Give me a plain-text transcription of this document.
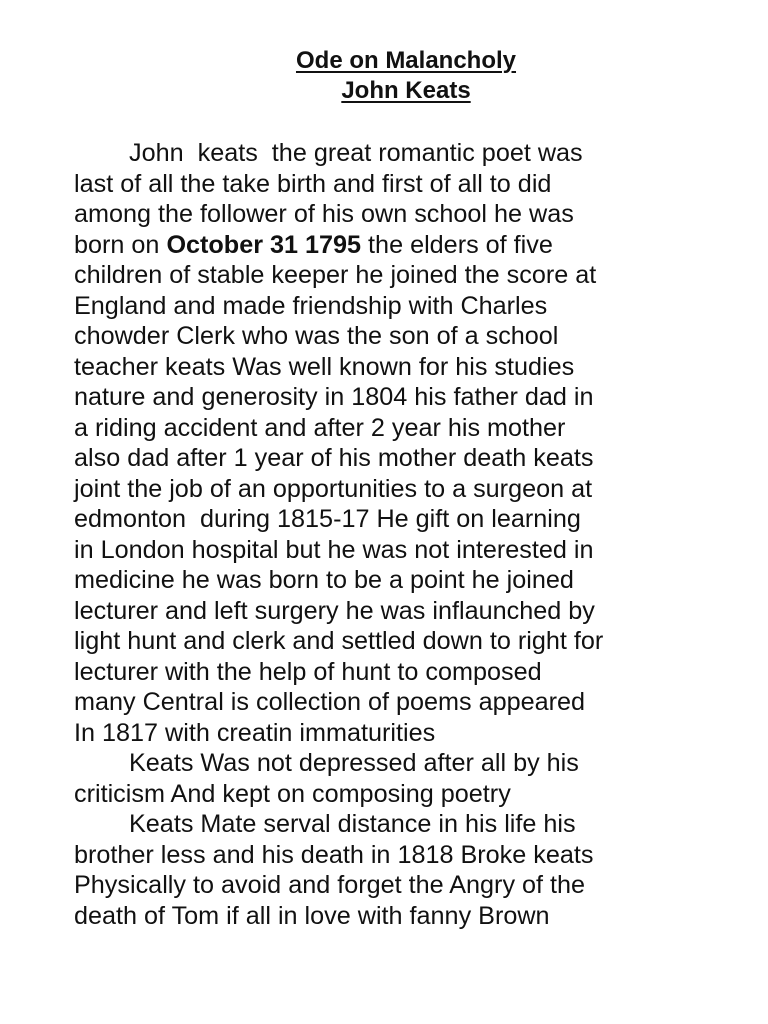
Ode on Malancholy
John Keats
John  keats  the great romantic poet was
last of all the take birth and first of all to did
among the follower of his own school he was
born on October 31 1795 the elders of five
children of stable keeper he joined the score at
England and made friendship with Charles
chowder Clerk who was the son of a school
teacher keats Was well known for his studies
nature and generosity in 1804 his father dad in
a riding accident and after 2 year his mother
also dad after 1 year of his mother death keats
joint the job of an opportunities to a surgeon at
edmonton  during 1815-17 He gift on learning
in London hospital but he was not interested in
medicine he was born to be a point he joined
lecturer and left surgery he was inflaunched by
light hunt and clerk and settled down to right for
lecturer with the help of hunt to composed
many Central is collection of poems appeared
In 1817 with creatin immaturities
Keats Was not depressed after all by his
criticism And kept on composing poetry
Keats Mate serval distance in his life his
brother less and his death in 1818 Broke keats
Physically to avoid and forget the Angry of the
death of Tom if all in love with fanny Brown
